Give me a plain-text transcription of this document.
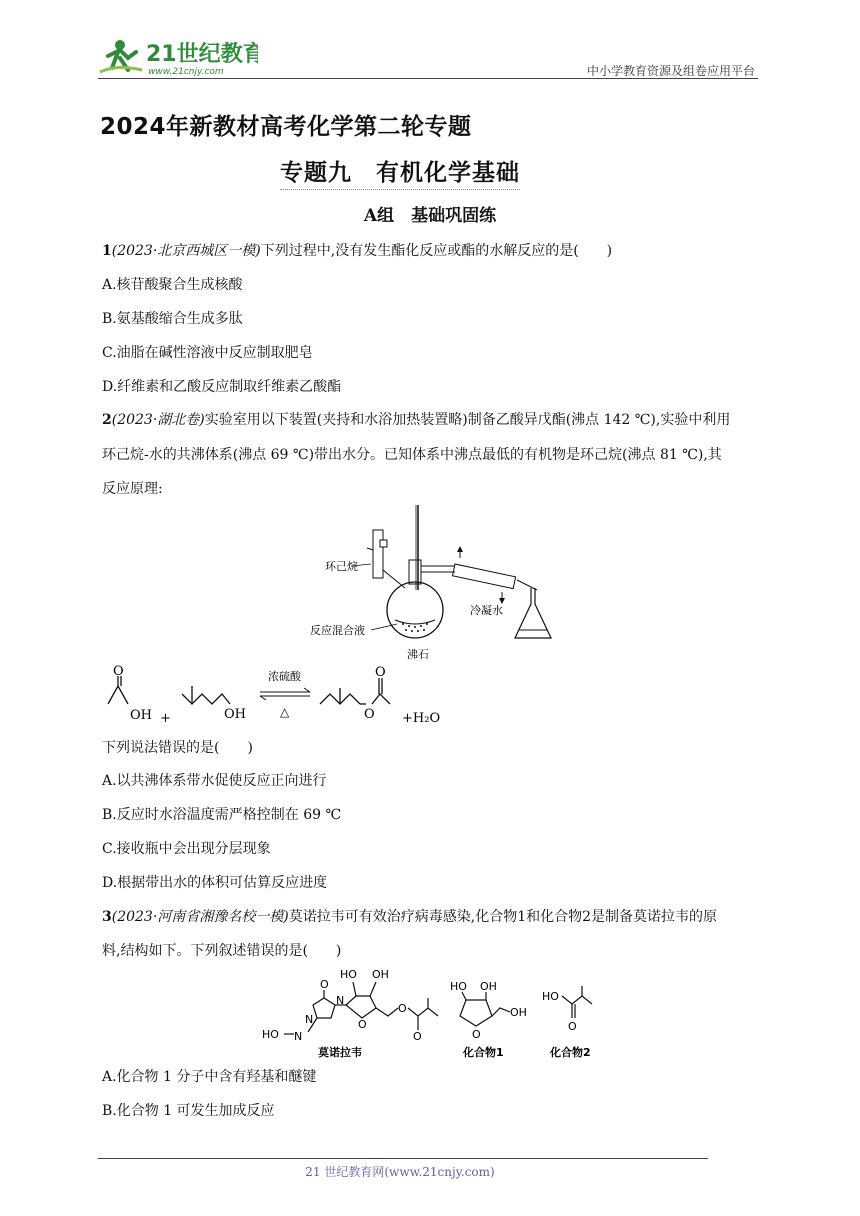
21世纪教育
www.21cnjy.com	中小学教育资源及组卷应用平台
2024年新教材高考化学第二轮专题
专题九　有机化学基础
A组　基础巩固练
1(2023·北京西城区一模)下列过程中,没有发生酯化反应或酯的水解反应的是(　　)
A.核苷酸聚合生成核酸
B.氨基酸缩合生成多肽
C.油脂在碱性溶液中反应制取肥皂
D.纤维素和乙酸反应制取纤维素乙酸酯
2(2023·湖北卷)实验室用以下装置(夹持和水浴加热装置略)制备乙酸异戊酯(沸点 142 ℃),实验中利用
环己烷-水的共沸体系(沸点 69 ℃)带出水分。已知体系中沸点最低的有机物是环己烷(沸点 81 ℃),其
反应原理:
环己烷
反应混合液
冷凝水
沸石
O
OH +	OH
浓硫酸
△	O
O
+H₂O
下列说法错误的是(　　)
A.以共沸体系带水促使反应正向进行
B.反应时水浴温度需严格控制在 69 ℃
C.接收瓶中会出现分层现象
D.根据带出水的体积可估算反应进度
3(2023·河南省湘豫名校一模)莫诺拉韦可有效治疗病毒感染,化合物1和化合物2是制备莫诺拉韦的原
料,结构如下。下列叙述错误的是(　　)
HO OH
O
N
N
O
O
O
HO N
莫诺拉韦
HO OH
O
OH
化合物1
HO
O
化合物2
A.化合物 1 分子中含有羟基和醚键
B.化合物 1 可发生加成反应
21 世纪教育网(www.21cnjy.com)
